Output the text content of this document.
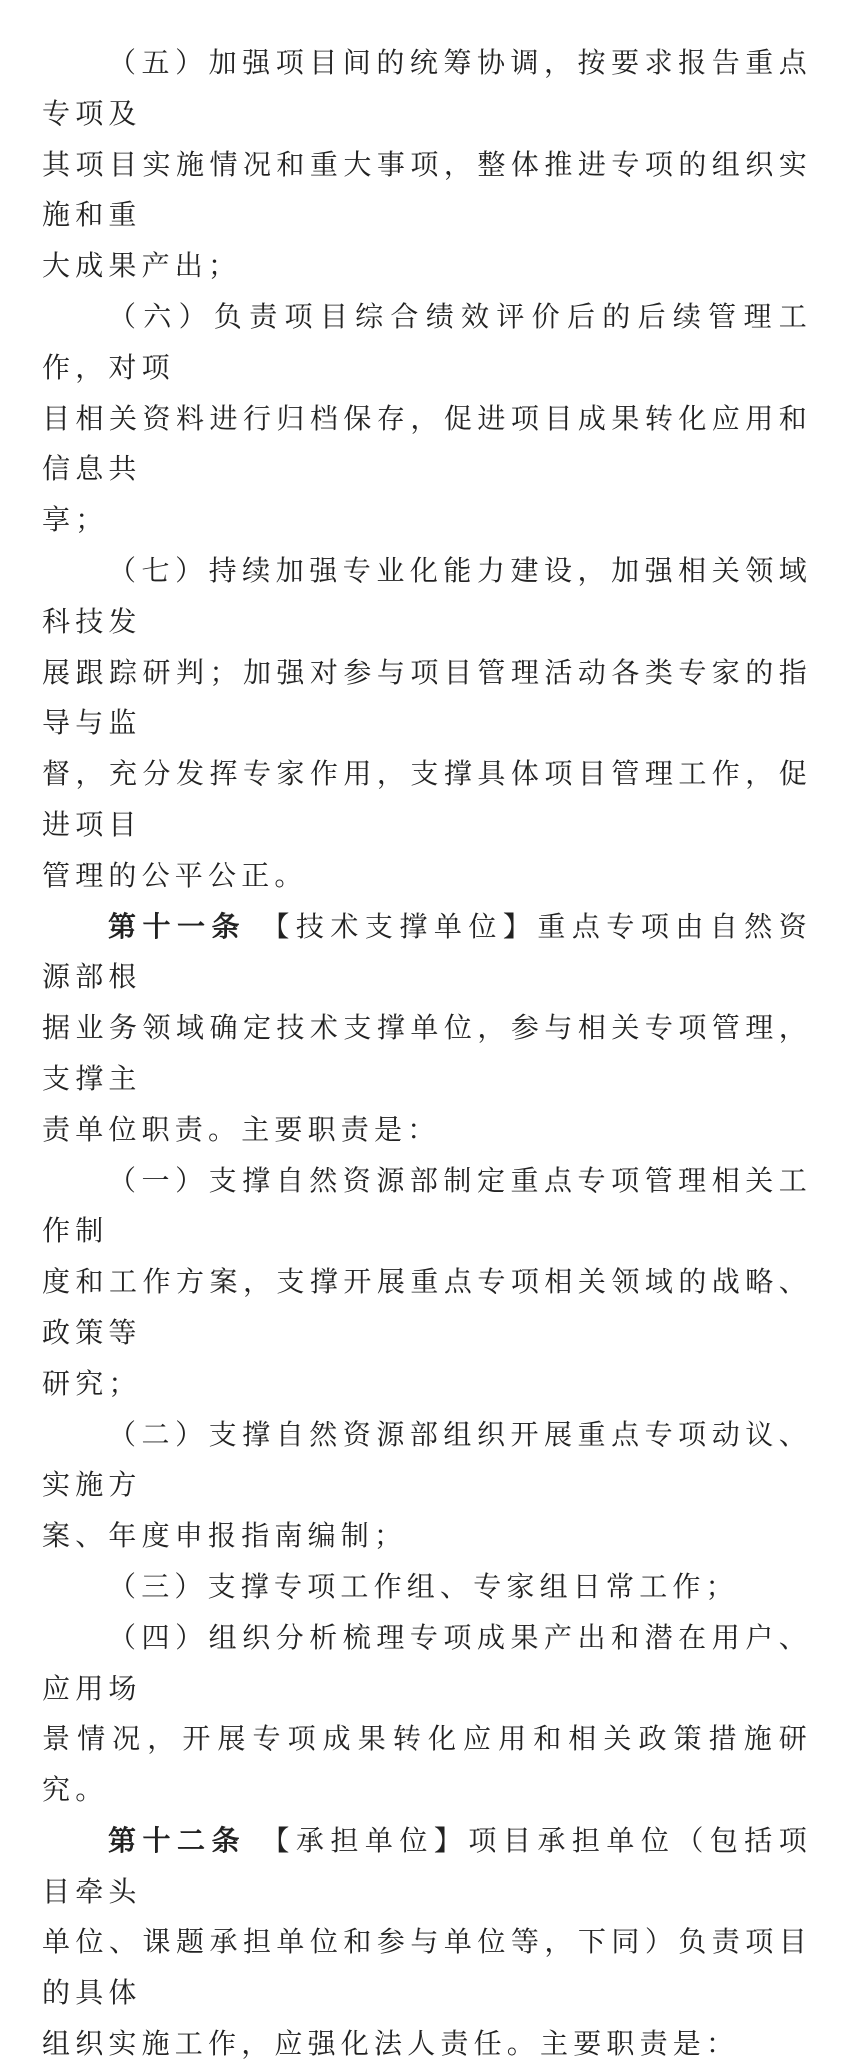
（五）加强项目间的统筹协调，按要求报告重点专项及
其项目实施情况和重大事项，整体推进专项的组织实施和重
大成果产出；

（六）负责项目综合绩效评价后的后续管理工作，对项
目相关资料进行归档保存，促进项目成果转化应用和信息共
享；

（七）持续加强专业化能力建设，加强相关领域科技发
展跟踪研判；加强对参与项目管理活动各类专家的指导与监
督，充分发挥专家作用，支撑具体项目管理工作，促进项目
管理的公平公正。

第十一条 【技术支撑单位】重点专项由自然资源部根
据业务领域确定技术支撑单位，参与相关专项管理，支撑主
责单位职责。主要职责是：

（一）支撑自然资源部制定重点专项管理相关工作制
度和工作方案，支撑开展重点专项相关领域的战略、政策等
研究；

（二）支撑自然资源部组织开展重点专项动议、实施方
案、年度申报指南编制；

（三）支撑专项工作组、专家组日常工作；

（四）组织分析梳理专项成果产出和潜在用户、应用场
景情况，开展专项成果转化应用和相关政策措施研究。

第十二条 【承担单位】项目承担单位（包括项目牵头
单位、课题承担单位和参与单位等，下同）负责项目的具体
组织实施工作，应强化法人责任。主要职责是：
